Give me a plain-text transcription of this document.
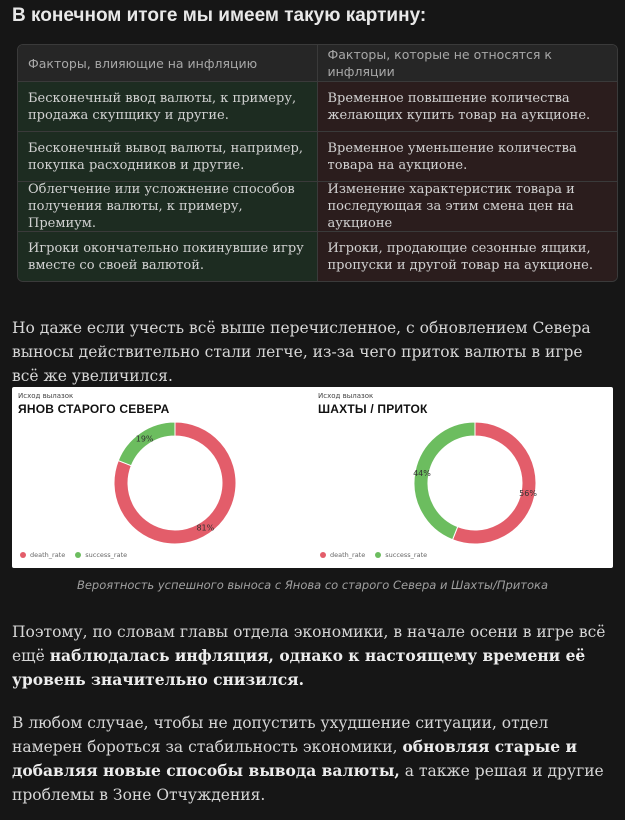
В конечном итоге мы имеем такую картину:
Факторы, влияющие на инфляцию
Факторы, которые не относятся к инфляции
Бесконечный ввод валюты, к примеру, продажа скупщику и другие.
Временное повышение количества желающих купить товар на аукционе.
Бесконечный вывод валюты, например, покупка расходников и другие.
Временное уменьшение количества товара на аукционе.
Облегчение или усложнение способов получения валюты, к примеру, Премиум.
Изменение характеристик товара и последующая за этим смена цен на аукционе
Игроки окончательно покинувшие игру вместе со своей валютой.
Игроки, продающие сезонные ящики, пропуски и другой товар на аукционе.

Но даже если учесть всё выше перечисленное, с обновлением Севера выносы действительно стали легче, из-за чего приток валюты в игре всё же увеличился.

Исход вылазок

ЯНОВ СТАРОГО СЕВЕРА

81%
19%
death_rate	success_rate

Исход вылазок

ШАХТЫ / ПРИТОК

56%
44%
death_rate	success_rate

Вероятность успешного выноса с Янова со старого Севера и Шахты/Притока

Поэтому, по словам главы отдела экономики, в начале осени в игре всё ещё наблюдалась инфляция, однако к настоящему времени её уровень значительно снизился.

В любом случае, чтобы не допустить ухудшение ситуации, отдел намерен бороться за стабильность экономики, обновляя старые и добавляя новые способы вывода валюты, а также решая и другие проблемы в Зоне Отчуждения.
